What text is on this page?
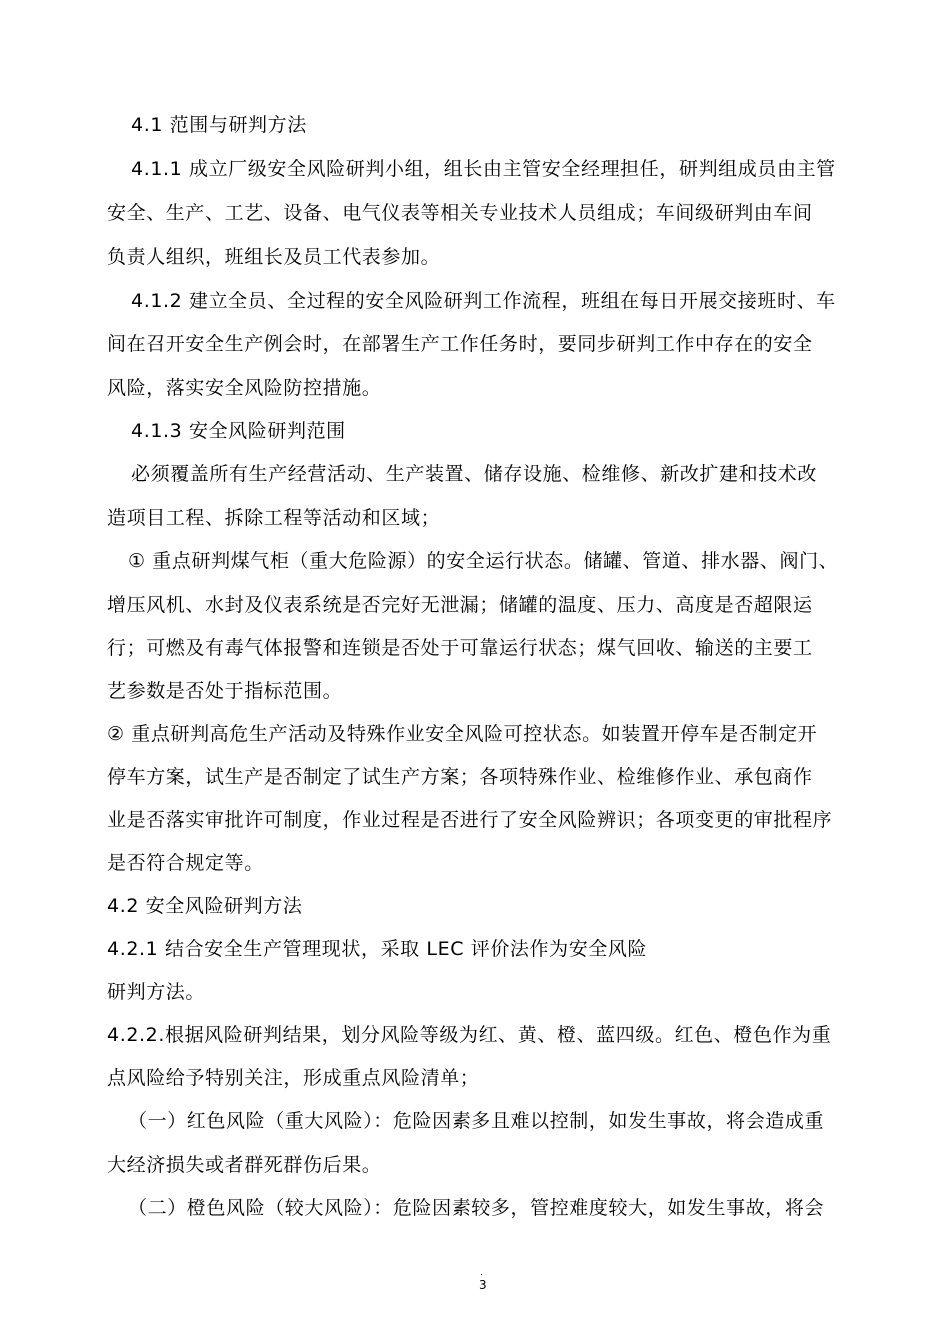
4.1 范围与研判方法
4.1.1 成立厂级安全风险研判小组，组长由主管安全经理担任，研判组成员由主管
安全、生产、工艺、设备、电气仪表等相关专业技术人员组成；车间级研判由车间
负责人组织，班组长及员工代表参加。
4.1.2 建立全员、全过程的安全风险研判工作流程，班组在每日开展交接班时、车
间在召开安全生产例会时，在部署生产工作任务时，要同步研判工作中存在的安全
风险，落实安全风险防控措施。
4.1.3 安全风险研判范围
必须覆盖所有生产经营活动、生产装置、储存设施、检维修、新改扩建和技术改
造项目工程、拆除工程等活动和区域；
① 重点研判煤气柜（重大危险源）的安全运行状态。储罐、管道、排水器、阀门、
增压风机、水封及仪表系统是否完好无泄漏；储罐的温度、压力、高度是否超限运
行；可燃及有毒气体报警和连锁是否处于可靠运行状态；煤气回收、输送的主要工
艺参数是否处于指标范围。
② 重点研判高危生产活动及特殊作业安全风险可控状态。如装置开停车是否制定开
停车方案，试生产是否制定了试生产方案；各项特殊作业、检维修作业、承包商作
业是否落实审批许可制度，作业过程是否进行了安全风险辨识；各项变更的审批程序
是否符合规定等。
4.2 安全风险研判方法
4.2.1 结合安全生产管理现状，采取 LEC 评价法作为安全风险
研判方法。
4.2.2.根据风险研判结果，划分风险等级为红、黄、橙、蓝四级。红色、橙色作为重
点风险给予特别关注，形成重点风险清单；
（一）红色风险（重大风险）：危险因素多且难以控制，如发生事故，将会造成重
大经济损失或者群死群伤后果。
（二）橙色风险（较大风险）：危险因素较多，管控难度较大，如发生事故，将会
.
3
